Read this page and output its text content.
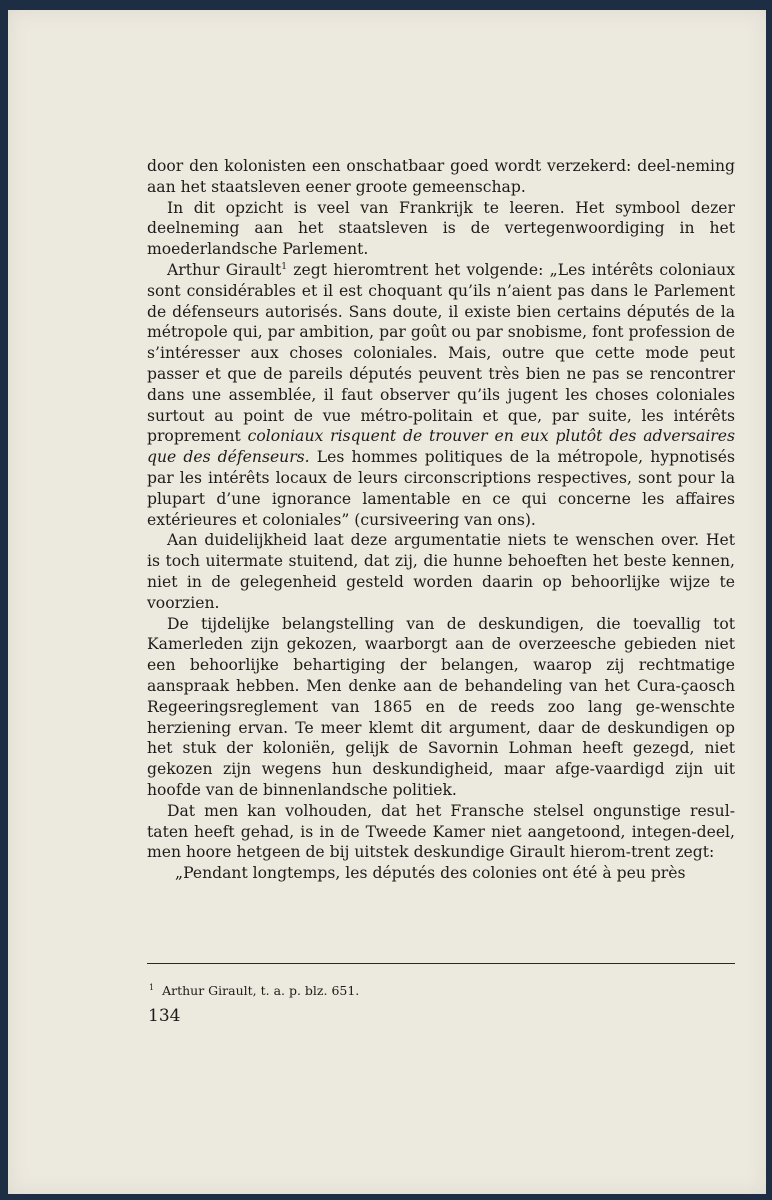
door den kolonisten een onschatbaar goed wordt verzekerd: deel‐neming aan het staatsleven eener groote gemeenschap.

In dit opzicht is veel van Frankrijk te leeren. Het symbool dezer deelneming aan het staatsleven is de vertegenwoordiging in het moederlandsche Parlement.

Arthur Girault$^1$ zegt hieromtrent het volgende: „Les intérêts coloniaux sont considérables et il est choquant qu’ils n’aient pas dans le Parlement de défenseurs autorisés. Sans doute, il existe bien certains députés de la métropole qui, par ambition, par goût ou par snobisme, font profession de s’intéresser aux choses coloniales. Mais, outre que cette mode peut passer et que de pareils députés peuvent très bien ne pas se rencontrer dans une assemblée, il faut observer qu’ils jugent les choses coloniales surtout au point de vue métro‐politain et que, par suite, les intérêts proprement coloniaux risquent de trouver en eux plutôt des adversaires que des défenseurs. Les hommes politiques de la métropole, hypnotisés par les intérêts locaux de leurs circonscriptions respectives, sont pour la plupart d’une ignorance lamentable en ce qui concerne les affaires extérieures et coloniales” (cursiveering van ons).

Aan duidelijkheid laat deze argumentatie niets te wenschen over. Het is toch uitermate stuitend, dat zij, die hunne behoeften het beste kennen, niet in de gelegenheid gesteld worden daarin op behoorlijke wijze te voorzien.

De tijdelijke belangstelling van de deskundigen, die toevallig tot Kamerleden zijn gekozen, waarborgt aan de overzeesche gebieden niet een behoorlijke behartiging der belangen, waarop zij rechtmatige aanspraak hebben. Men denke aan de behandeling van het Cura‐çaosch Regeeringsreglement van 1865 en de reeds zoo lang ge‐wenschte herziening ervan. Te meer klemt dit argument, daar de deskundigen op het stuk der koloniën, gelijk de Savornin Lohman heeft gezegd, niet gekozen zijn wegens hun deskundigheid, maar afge‐vaardigd zijn uit hoofde van de binnenlandsche politiek.

Dat men kan volhouden, dat het Fransche stelsel ongunstige resul‐taten heeft gehad, is in de Tweede Kamer niet aangetoond, integen‐deel, men hoore hetgeen de bij uitstek deskundige Girault hierom‐trent zegt:

„Pendant longtemps, les députés des colonies ont été à peu près

$^1$ Arthur Girault, t. a. p. blz. 651.
134
